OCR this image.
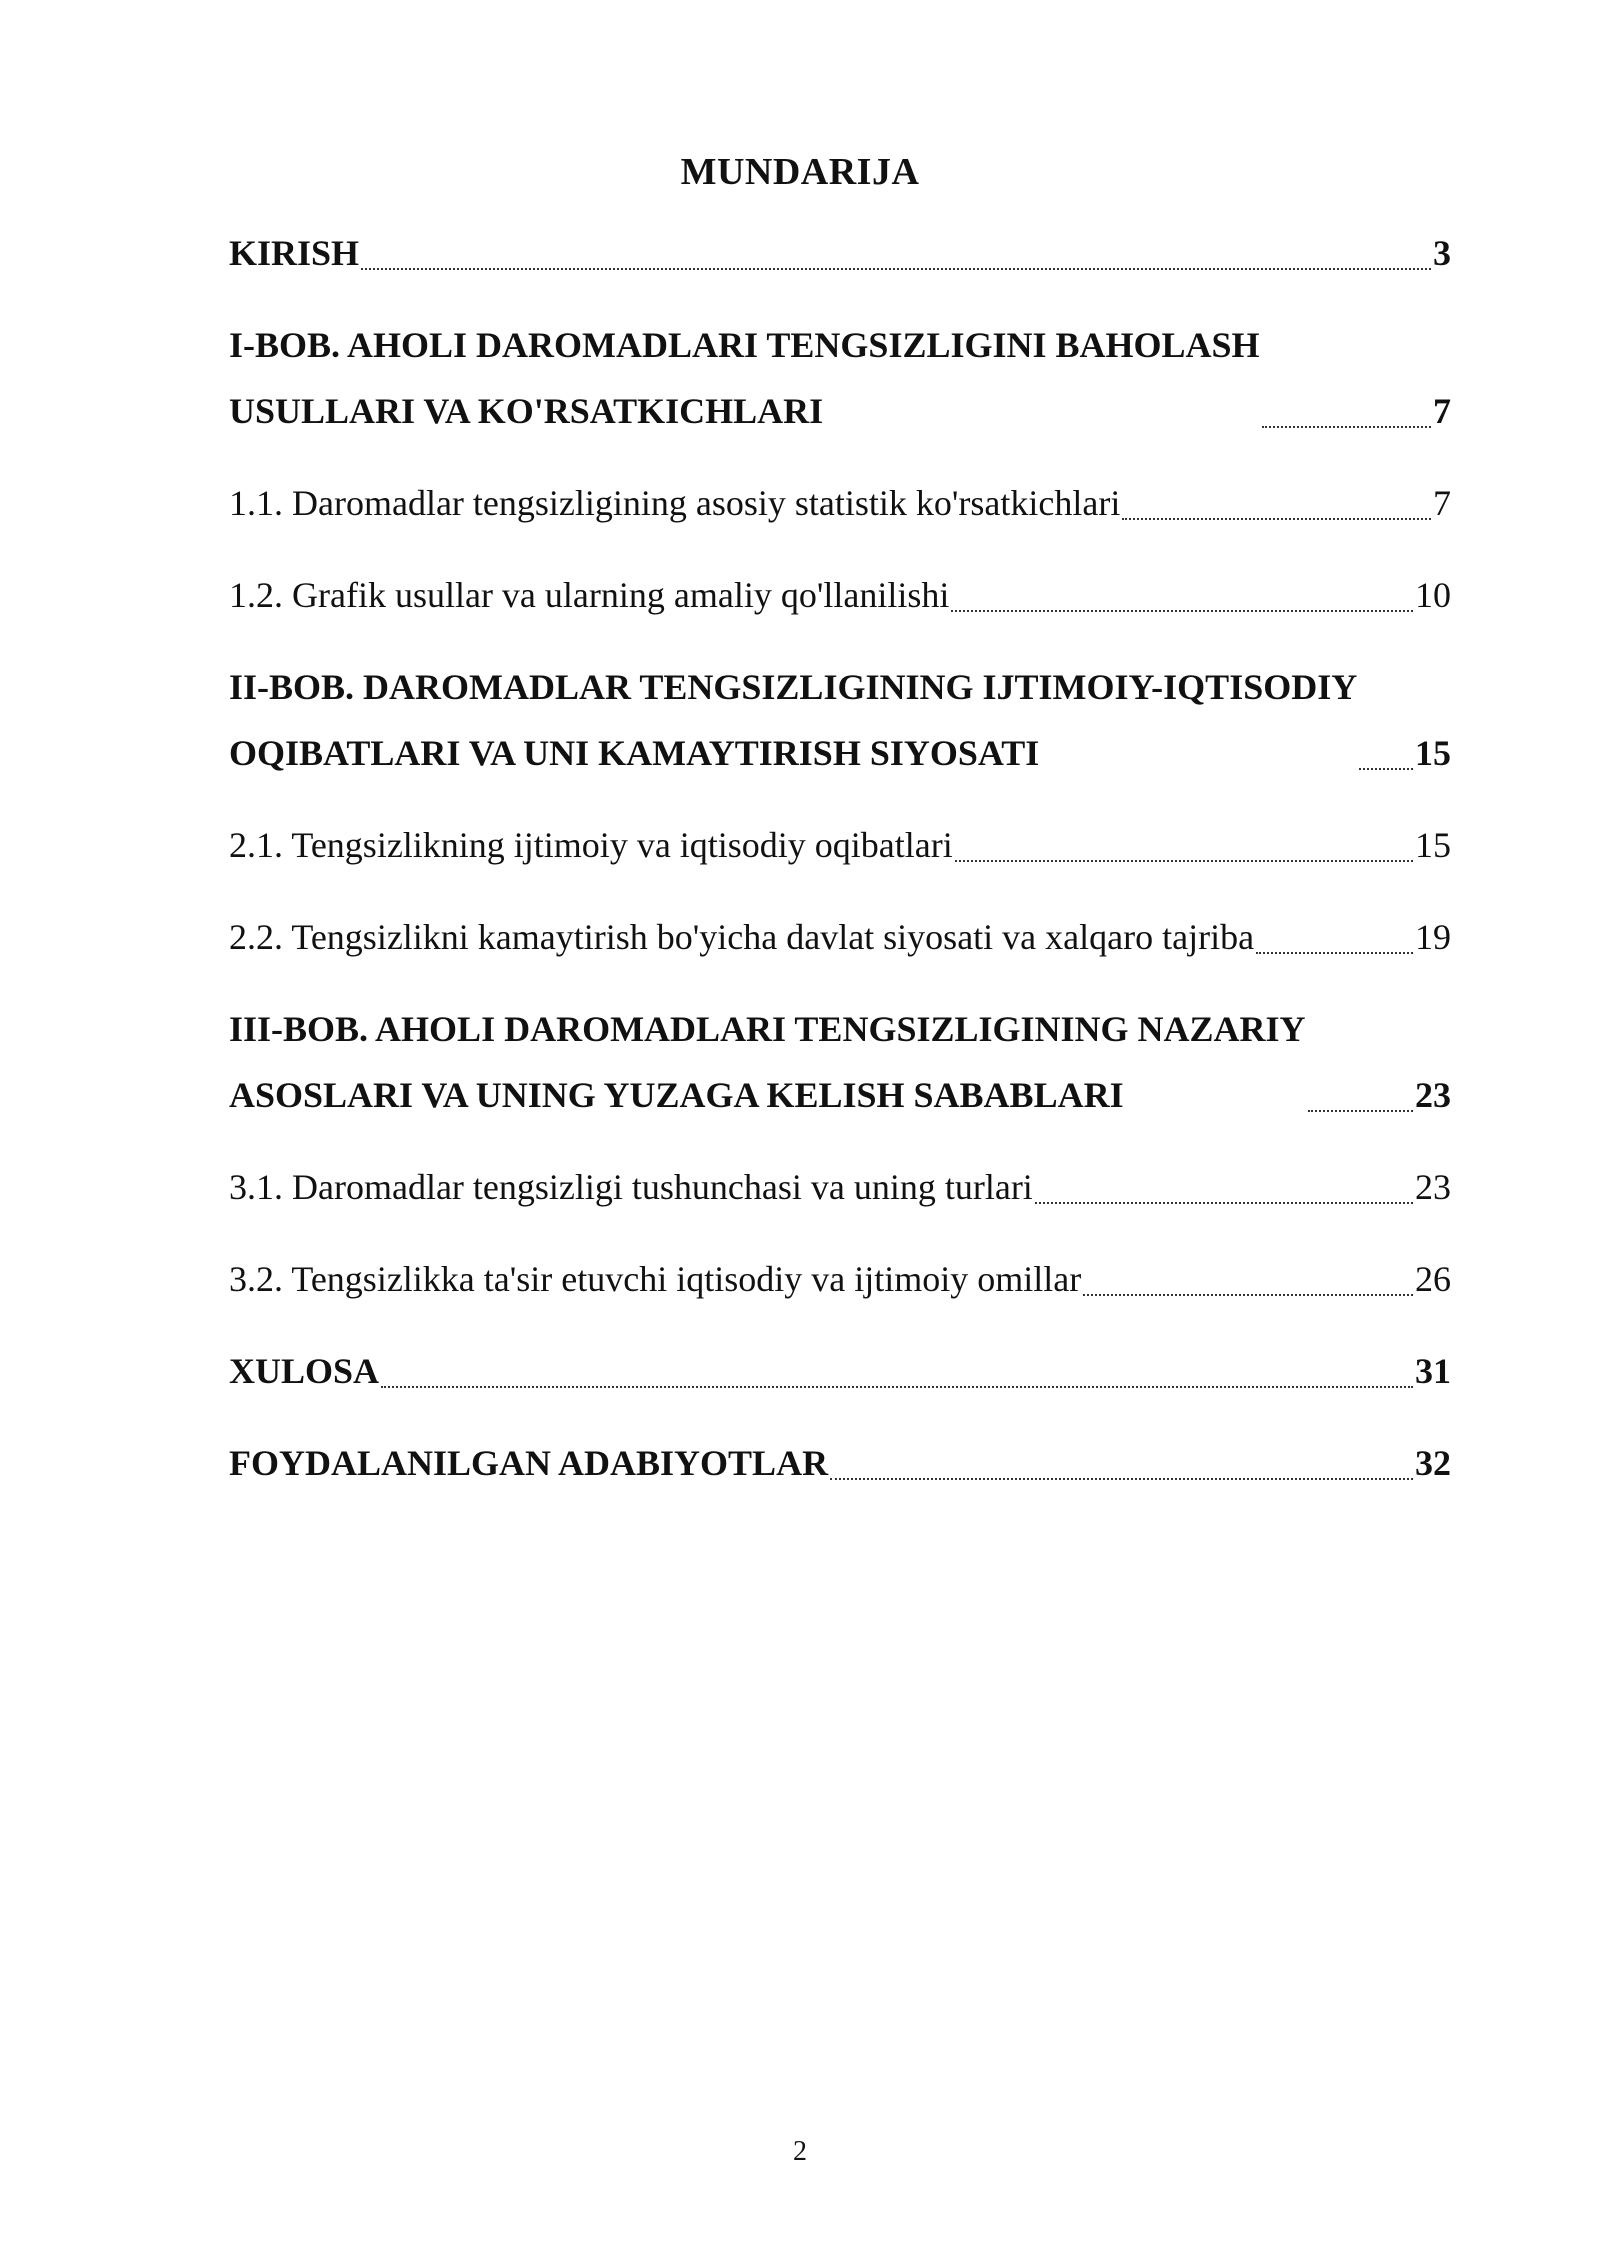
MUNDARIJA
KIRISH	3
I-BOB. AHOLI DAROMADLARI TENGSIZLIGINI BAHOLASH
USULLARI VA KO'RSATKICHLARI	7
1.1. Daromadlar tengsizligining asosiy statistik ko'rsatkichlari	7
1.2. Grafik usullar va ularning amaliy qo'llanilishi	10
II-BOB. DAROMADLAR TENGSIZLIGINING IJTIMOIY-IQTISODIY
OQIBATLARI VA UNI KAMAYTIRISH SIYOSATI	15
2.1. Tengsizlikning ijtimoiy va iqtisodiy oqibatlari	15
2.2. Tengsizlikni kamaytirish bo'yicha davlat siyosati va xalqaro tajriba	19
III-BOB. AHOLI DAROMADLARI TENGSIZLIGINING NAZARIY
ASOSLARI VA UNING YUZAGA KELISH SABABLARI	23
3.1. Daromadlar tengsizligi tushunchasi va uning turlari	23
3.2. Tengsizlikka ta'sir etuvchi iqtisodiy va ijtimoiy omillar	26
XULOSA	31
FOYDALANILGAN ADABIYOTLAR	32
2
